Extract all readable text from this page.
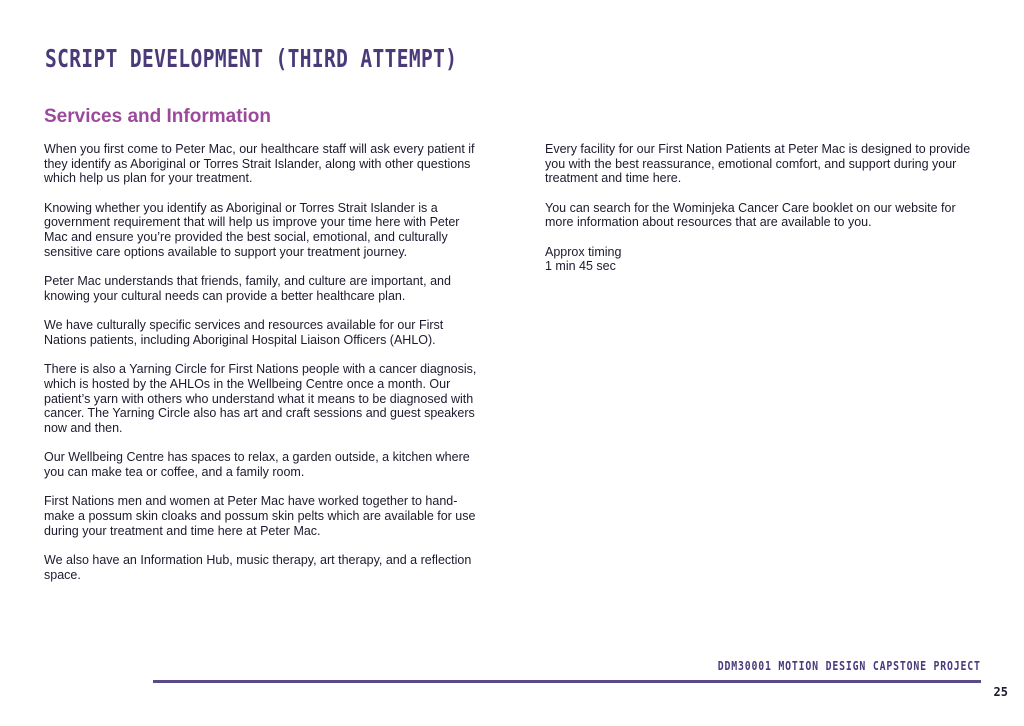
SCRIPT DEVELOPMENT (THIRD ATTEMPT)
Services and Information

When you first come to Peter Mac, our healthcare staff will ask every patient if they identify as Aboriginal or Torres Strait Islander, along with other questions which help us plan for your treatment.

Knowing whether you identify as Aboriginal or Torres Strait Islander is a government requirement that will help us improve your time here with Peter Mac and ensure you’re provided the best social, emotional, and culturally sensitive care options available to support your treatment journey.

Peter Mac understands that friends, family, and culture are important, and knowing your cultural needs can provide a better healthcare plan.

We have culturally specific services and resources available for our First Nations patients, including Aboriginal Hospital Liaison Officers (AHLO).

There is also a Yarning Circle for First Nations people with a cancer diagnosis, which is hosted by the AHLOs in the Wellbeing Centre once a month. Our patient’s yarn with others who understand what it means to be diagnosed with cancer. The Yarning Circle also has art and craft sessions and guest speakers now and then.

Our Wellbeing Centre has spaces to relax, a garden outside, a kitchen where you can make tea or coffee, and a family room.

First Nations men and women at Peter Mac have worked together to hand-make a possum skin cloaks and possum skin pelts which are available for use during your treatment and time here at Peter Mac.

We also have an Information Hub, music therapy, art therapy, and a reflection space.

Every facility for our First Nation Patients at Peter Mac is designed to provide you with the best reassurance, emotional comfort, and support during your treatment and time here.

You can search for the Wominjeka Cancer Care booklet on our website for more information about resources that are available to you.

Approx timing

1 min 45 sec

DDM30001 MOTION DESIGN CAPSTONE PROJECT
25
